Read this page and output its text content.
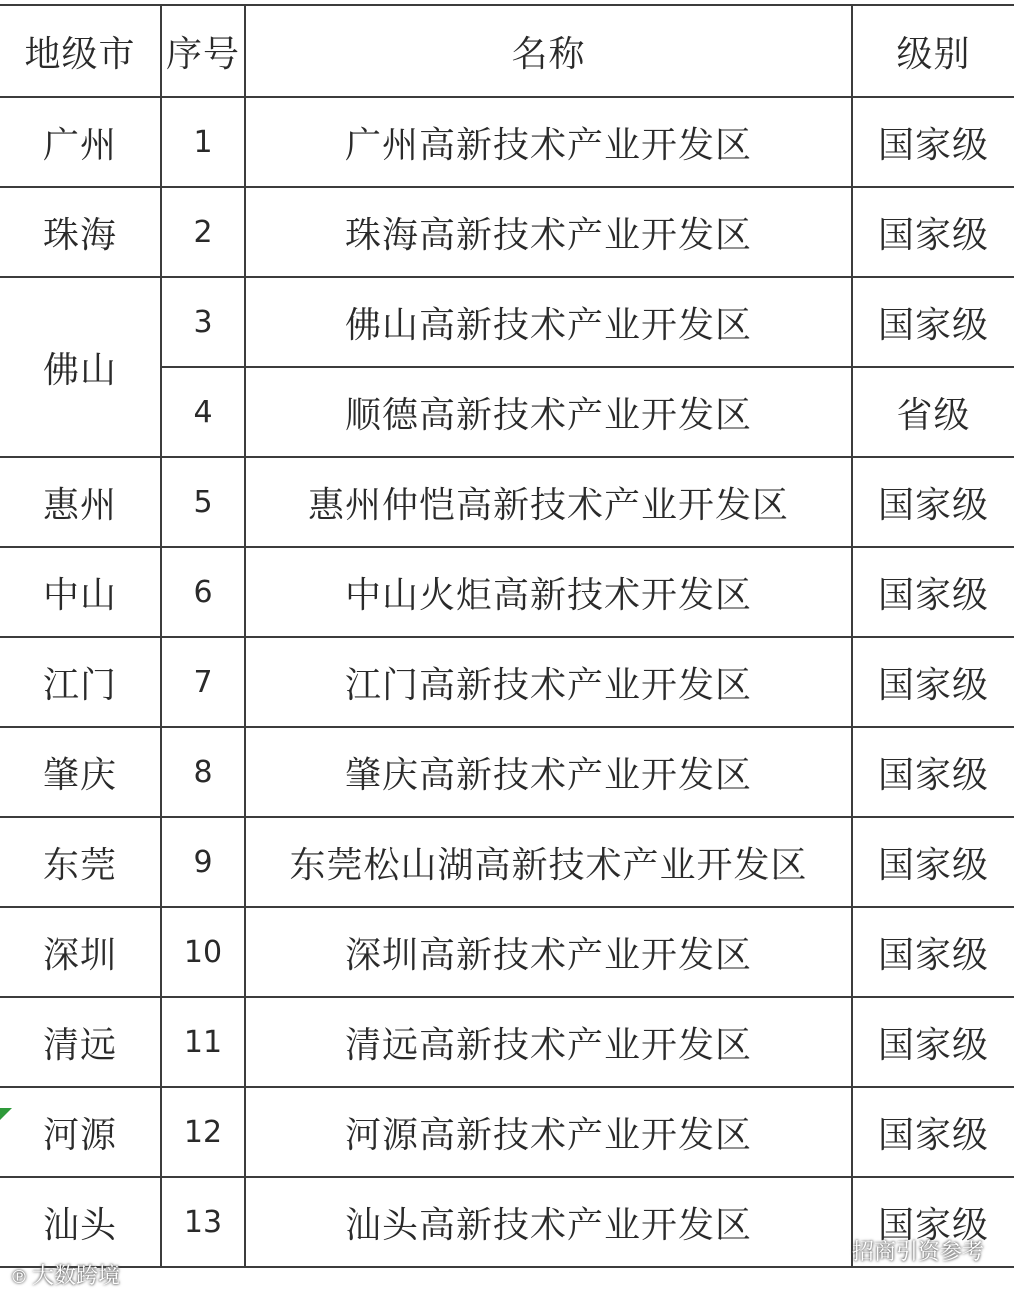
地级市	序号	名称	级别
广州	1	广州高新技术产业开发区	国家级
珠海	2	珠海高新技术产业开发区	国家级
佛山	3	佛山高新技术产业开发区	国家级
	4	顺德高新技术产业开发区	省级
惠州	5	惠州仲恺高新技术产业开发区	国家级
中山	6	中山火炬高新技术开发区	国家级
江门	7	江门高新技术产业开发区	国家级
肇庆	8	肇庆高新技术产业开发区	国家级
东莞	9	东莞松山湖高新技术产业开发区	国家级
深圳	10	深圳高新技术产业开发区	国家级
清远	11	清远高新技术产业开发区	国家级
河源	12	河源高新技术产业开发区	国家级
汕头	13	汕头高新技术产业开发区	国家级
℗ 大数跨境
招商引资参考
